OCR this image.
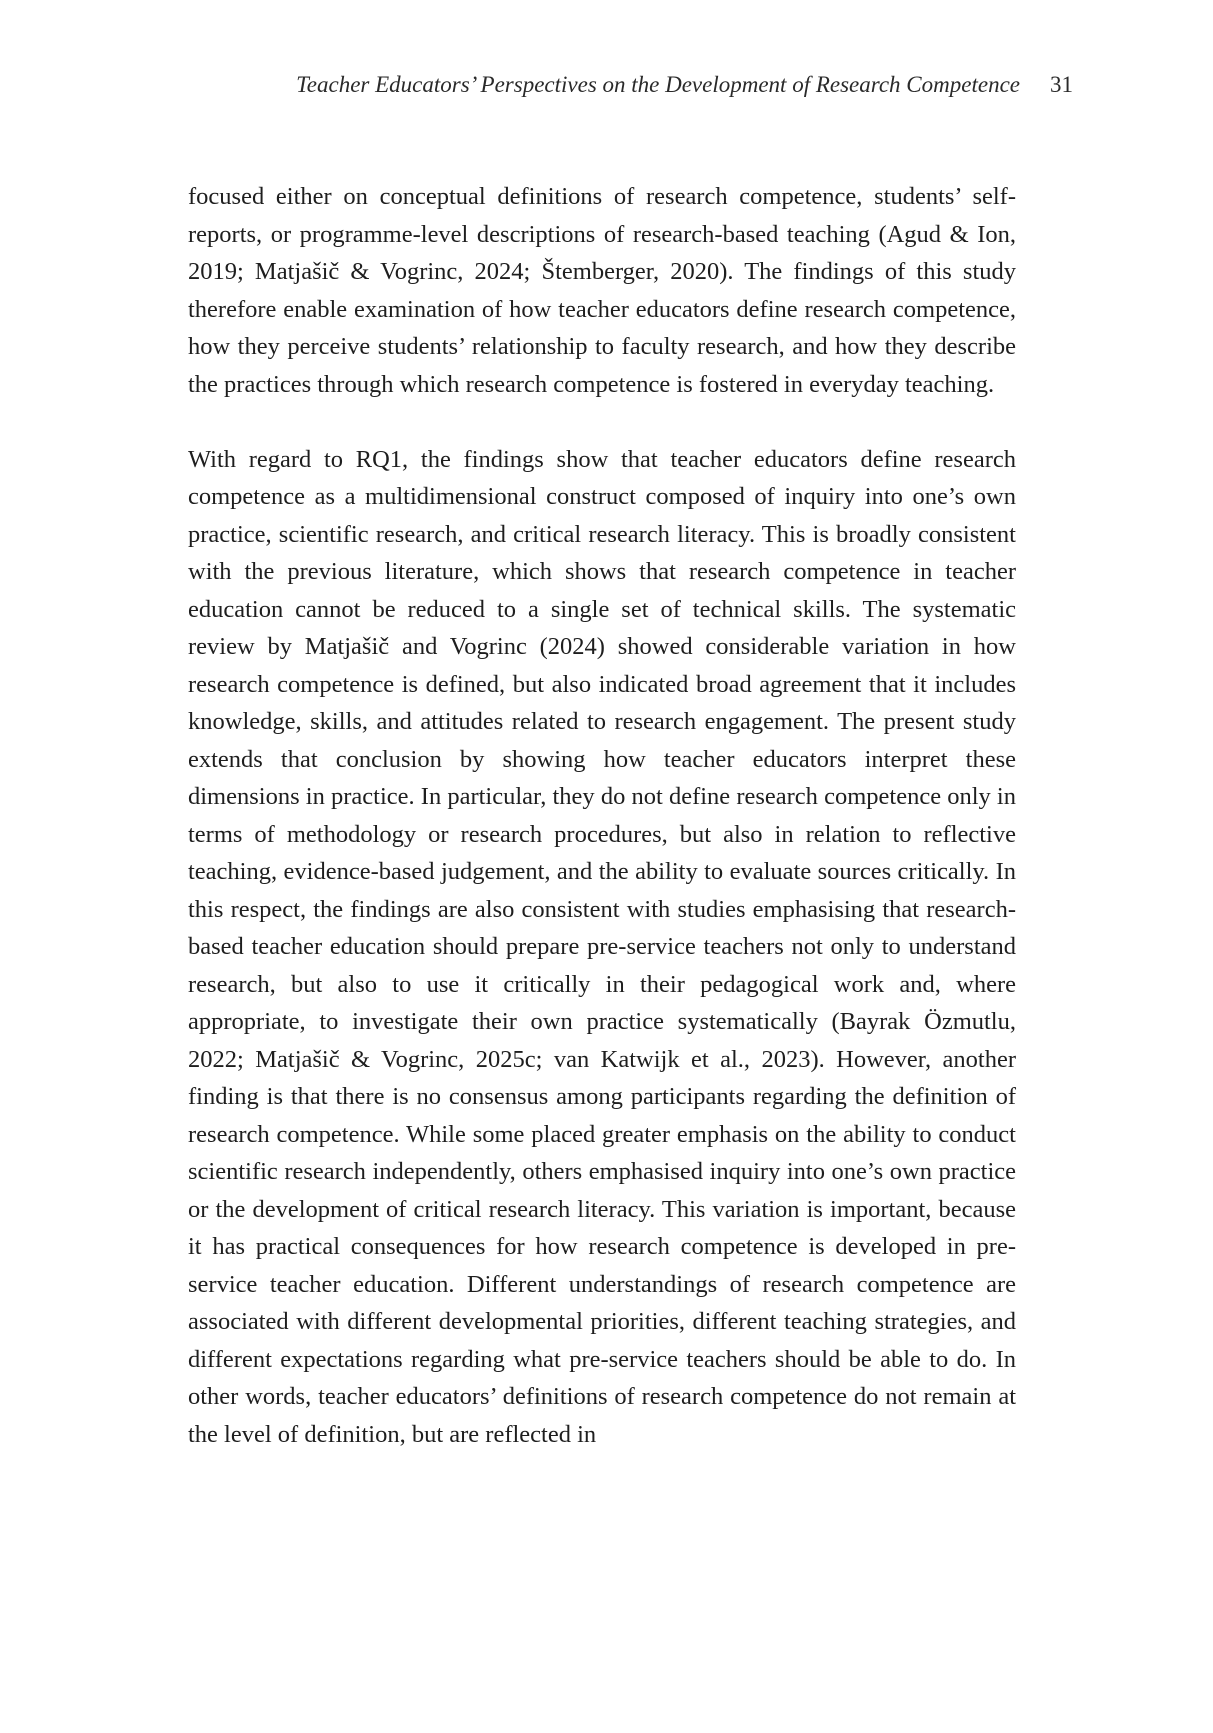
Teacher Educators’ Perspectives on the Development of Research Competence 31

focused either on conceptual definitions of research competence, students’ self-reports, or programme-level descriptions of research-based teaching (Agud & Ion, 2019; Matjašič & Vogrinc, 2024; Štemberger, 2020). The findings of this study therefore enable examination of how teacher educators define research competence, how they perceive students’ relationship to faculty research, and how they describe the practices through which research competence is fostered in everyday teaching.

With regard to RQ1, the findings show that teacher educators define research competence as a multidimensional construct composed of inquiry into one’s own practice, scientific research, and critical research literacy. This is broadly consistent with the previous literature, which shows that research competence in teacher education cannot be reduced to a single set of technical skills. The systematic review by Matjašič and Vogrinc (2024) showed considerable variation in how research competence is defined, but also indicated broad agreement that it includes knowledge, skills, and attitudes related to research engagement. The present study extends that conclusion by showing how teacher educators interpret these dimensions in practice. In particular, they do not define research competence only in terms of methodology or research procedures, but also in relation to reflective teaching, evidence-based judgement, and the ability to evaluate sources critically. In this respect, the findings are also consistent with studies emphasising that research-based teacher education should prepare pre-service teachers not only to understand research, but also to use it critically in their pedagogical work and, where appropriate, to investigate their own practice systematically (Bayrak Özmutlu, 2022; Matjašič & Vogrinc, 2025c; van Katwijk et al., 2023). However, another finding is that there is no consensus among participants regarding the definition of research competence. While some placed greater emphasis on the ability to conduct scientific research independently, others emphasised inquiry into one’s own practice or the development of critical research literacy. This variation is important, because it has practical consequences for how research competence is developed in pre-service teacher education. Different understandings of research competence are associated with different developmental priorities, different teaching strategies, and different expectations regarding what pre-service teachers should be able to do. In other words, teacher educators’ definitions of research competence do not remain at the level of definition, but are reflected in
